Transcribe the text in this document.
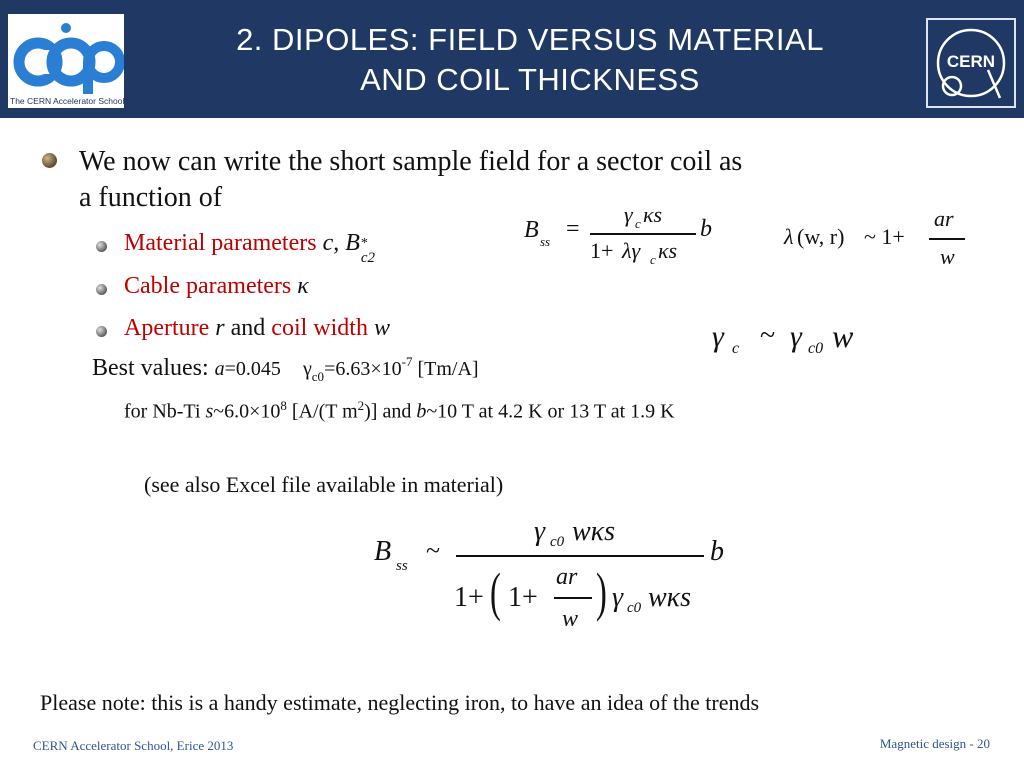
The CERN Accelerator School
2. DIPOLES: FIELD VERSUS MATERIAL
AND COIL THICKNESS
CERN
We now can write the short sample field for a sector coil as
a function of
Material parameters c, B *
c2
Cable parameters κ
Aperture r and coil width w
Best values: a=0.045 $\gamma_{c0}=6.63\times 10^{-7}$ [Tm/A]
for Nb-Ti $s\sim 6.0\times 10^8$ [A/(T $m^2$)] and b~10 T at 4.2 K or 13 T at 1.9 K
(see also Excel file available in material)
B ss =
γ c κs
1+ λγ c κs
b	λ (w, r) ~ 1+
ar
w
γ c ~ γ c0 w
B ss
~
γ c0 wκs
1+ ( 1+
ar
w ) γ c0 wκs
b
Please note: this is a handy estimate, neglecting iron, to have an idea of the trends
CERN Accelerator School, Erice 2013	Magnetic design - 20
